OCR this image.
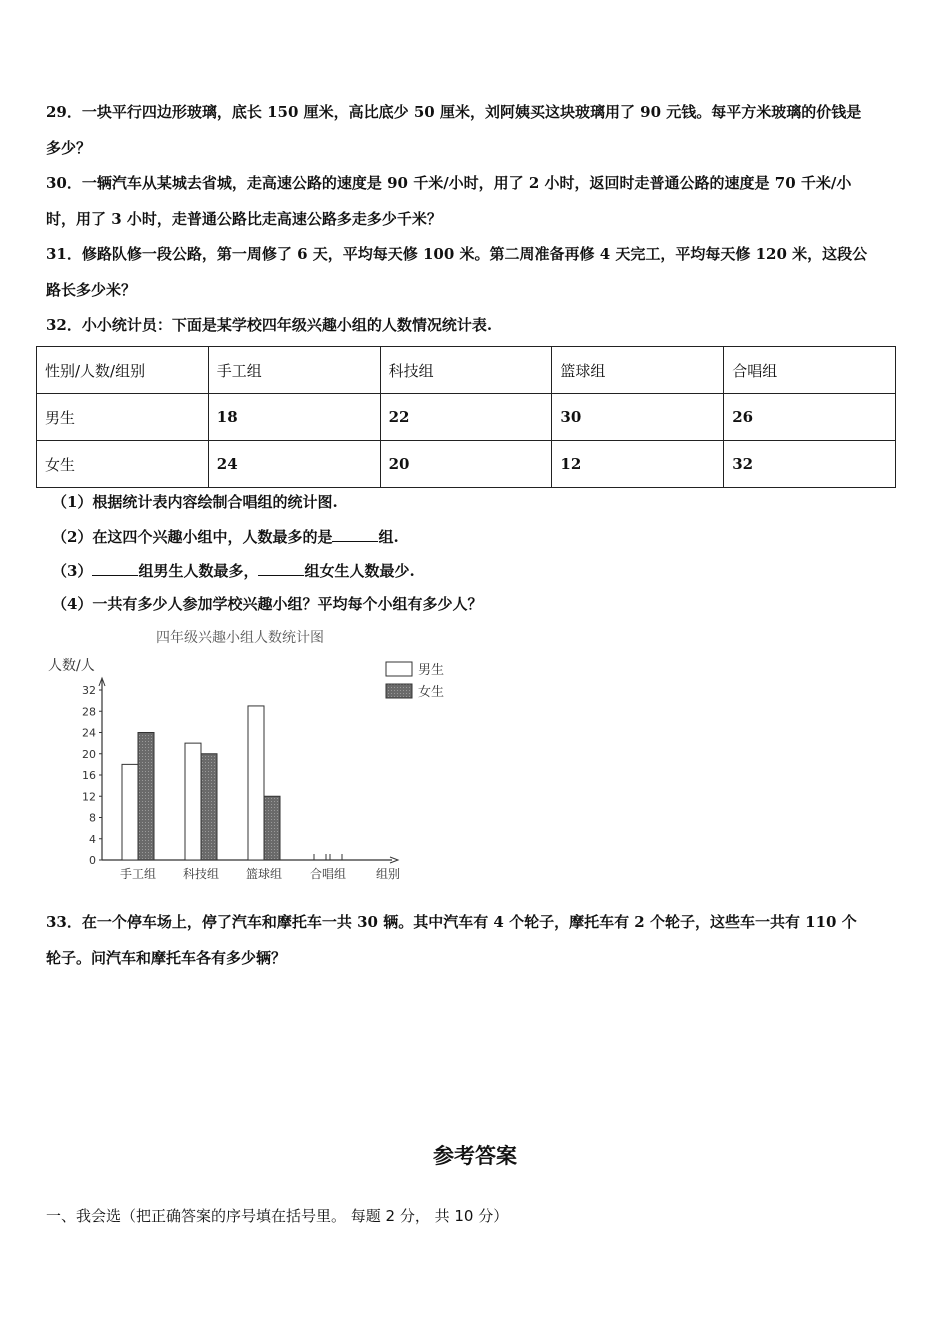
29．一块平行四边形玻璃，底长 150 厘米，高比底少 50 厘米，刘阿姨买这块玻璃用了 90 元钱。每平方米玻璃的价钱是

多少？

30．一辆汽车从某城去省城，走高速公路的速度是 90 千米/小时，用了 2 小时，返回时走普通公路的速度是 70 千米/小

时，用了 3 小时，走普通公路比走高速公路多走多少千米？

31．修路队修一段公路，第一周修了 6 天，平均每天修 100 米。第二周准备再修 4 天完工，平均每天修 120 米，这段公

路长多少米？

32．小小统计员：下面是某学校四年级兴趣小组的人数情况统计表.

性别/人数/组别	手工组	科技组	篮球组	合唱组
男生	18	22	30	26
女生	24	20	12	32
（1）根据统计表内容绘制合唱组的统计图.
（2）在这四个兴趣小组中，人数最多的是	组.
（3）	组男生人数最多，	组女生人数最少.
（4）一共有多少人参加学校兴趣小组？平均每个小组有多少人？
四年级兴趣小组人数统计图
人数/人
组别
0
4
8
12
16
20
24
28
32
手工组 科技组 篮球组 合唱组
男生
女生

33．在一个停车场上，停了汽车和摩托车一共 30 辆。其中汽车有 4 个轮子，摩托车有 2 个轮子，这些车一共有 110 个

轮子。问汽车和摩托车各有多少辆？

参考答案
一、我会选（把正确答案的序号填在括号里。 每题 2 分， 共 10 分）
